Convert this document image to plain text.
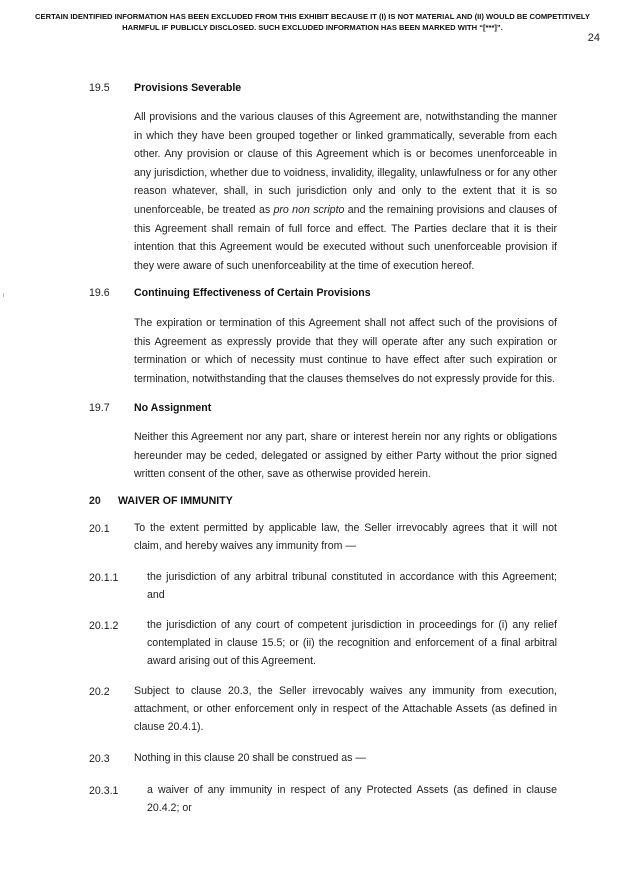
CERTAIN IDENTIFIED INFORMATION HAS BEEN EXCLUDED FROM THIS EXHIBIT BECAUSE IT (I) IS NOT MATERIAL AND (II) WOULD BE COMPETITIVELY HARMFUL IF PUBLICLY DISCLOSED. SUCH EXCLUDED INFORMATION HAS BEEN MARKED WITH “[***]”.
24
19.5 Provisions Severable
All provisions and the various clauses of this Agreement are, notwithstanding the manner in which they have been grouped together or linked grammatically, severable from each other. Any provision or clause of this Agreement which is or becomes unenforceable in any jurisdiction, whether due to voidness, invalidity, illegality, unlawfulness or for any other reason whatever, shall, in such jurisdiction only and only to the extent that it is so unenforceable, be treated as pro non scripto and the remaining provisions and clauses of this Agreement shall remain of full force and effect. The Parties declare that it is their intention that this Agreement would be executed without such unenforceable provision if they were aware of such unenforceability at the time of execution hereof.
19.6 Continuing Effectiveness of Certain Provisions
The expiration or termination of this Agreement shall not affect such of the provisions of this Agreement as expressly provide that they will operate after any such expiration or termination or which of necessity must continue to have effect after such expiration or termination, notwithstanding that the clauses themselves do not expressly provide for this.
19.7 No Assignment
Neither this Agreement nor any part, share or interest herein nor any rights or obligations hereunder may be ceded, delegated or assigned by either Party without the prior signed written consent of the other, save as otherwise provided herein.
20 WAIVER OF IMMUNITY
20.1 To the extent permitted by applicable law, the Seller irrevocably agrees that it will not claim, and hereby waives any immunity from —
20.1.1	the jurisdiction of any arbitral tribunal constituted in accordance with this Agreement; and
20.1.2	the jurisdiction of any court of competent jurisdiction in proceedings for (i) any relief contemplated in clause 15.5; or (ii) the recognition and enforcement of a final arbitral award arising out of this Agreement.
20.2 Subject to clause 20.3, the Seller irrevocably waives any immunity from execution, attachment, or other enforcement only in respect of the Attachable Assets (as defined in clause 20.4.1).
20.3 Nothing in this clause 20 shall be construed as —
20.3.1	a waiver of any immunity in respect of any Protected Assets (as defined in clause 20.4.2; or
